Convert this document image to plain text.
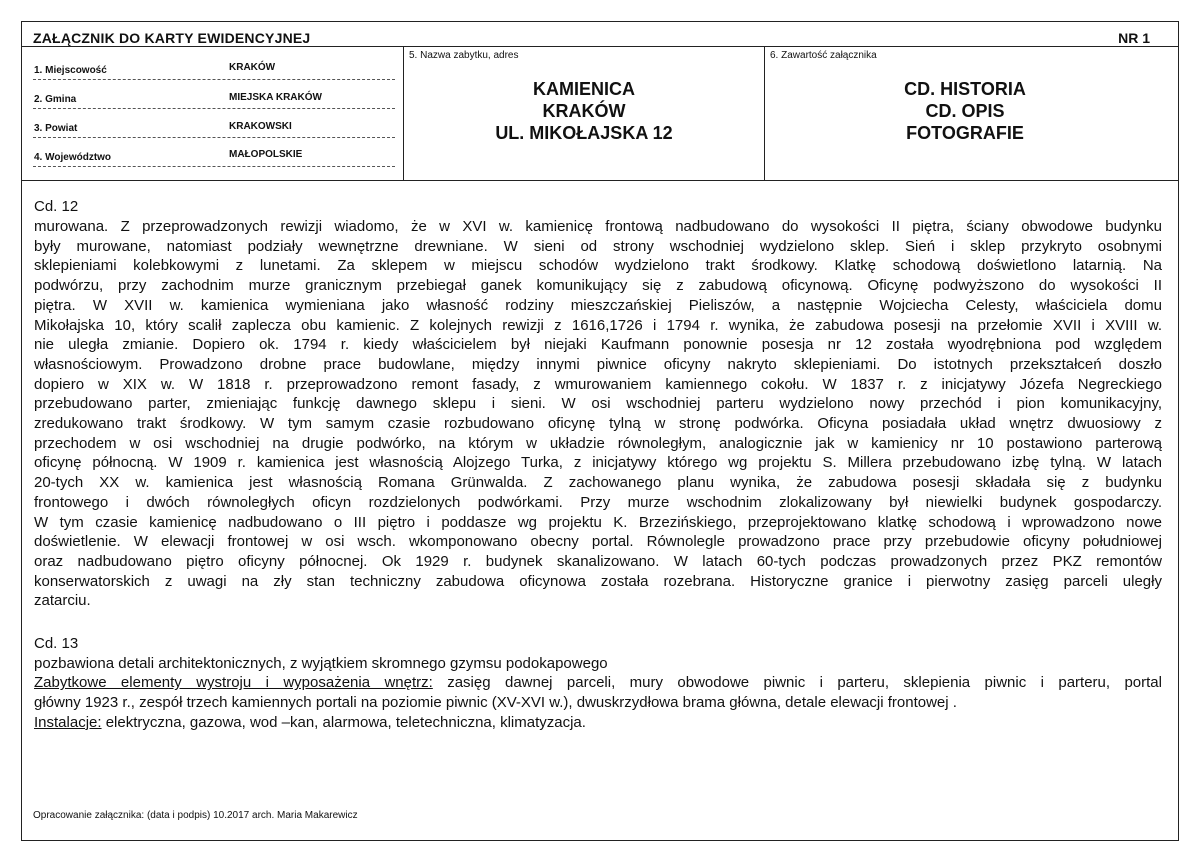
ZAŁĄCZNIK DO KARTY EWIDENCYJNEJ	NR 1
1. Miejscowość	KRAKÓW
2. Gmina	MIEJSKA KRAKÓW
3. Powiat	KRAKOWSKI
4. Województwo	MAŁOPOLSKIE
5. Nazwa zabytku, adres
KAMIENICA
KRAKÓW
UL. MIKOŁAJSKA 12
6. Zawartość załącznika
CD. HISTORIA
CD. OPIS
FOTOGRAFIE
Cd. 12
murowana. Z przeprowadzonych rewizji wiadomo, że w XVI w. kamienicę frontową nadbudowano do wysokości II piętra, ściany obwodowe budynku
były murowane, natomiast podziały wewnętrzne drewniane. W sieni od strony wschodniej wydzielono sklep. Sień i sklep przykryto osobnymi
sklepieniami kolebkowymi z lunetami. Za sklepem w miejscu schodów wydzielono trakt środkowy. Klatkę schodową doświetlono latarnią. Na
podwórzu, przy zachodnim murze granicznym przebiegał ganek komunikujący się z zabudową oficynową. Oficynę podwyższono do wysokości II
piętra. W XVII w. kamienica wymieniana jako własność rodziny mieszczańskiej Pieliszów, a następnie Wojciecha Celesty, właściciela domu
Mikołajska 10, który scalił zaplecza obu kamienic. Z kolejnych rewizji z 1616,1726 i 1794 r. wynika, że zabudowa posesji na przełomie XVII i XVIII w.
nie uległa zmianie. Dopiero ok. 1794 r. kiedy właścicielem był niejaki Kaufmann ponownie posesja nr 12 została wyodrębniona pod względem
własnościowym. Prowadzono drobne prace budowlane, między innymi piwnice oficyny nakryto sklepieniami. Do istotnych przekształceń doszło
dopiero w XIX w. W 1818 r. przeprowadzono remont fasady, z wmurowaniem kamiennego cokołu. W 1837 r. z inicjatywy Józefa Negreckiego
przebudowano parter, zmieniając funkcję dawnego sklepu i sieni. W osi wschodniej parteru wydzielono nowy przechód i pion komunikacyjny,
zredukowano trakt środkowy. W tym samym czasie rozbudowano oficynę tylną w stronę podwórka. Oficyna posiadała układ wnętrz dwuosiowy z
przechodem w osi wschodniej na drugie podwórko, na którym w układzie równoległym, analogicznie jak w kamienicy nr 10 postawiono parterową
oficynę północną. W 1909 r. kamienica jest własnością Alojzego Turka, z inicjatywy którego wg projektu S. Millera przebudowano izbę tylną. W latach
20-tych XX w. kamienica jest własnością Romana Grünwalda. Z zachowanego planu wynika, że zabudowa posesji składała się z budynku
frontowego i dwóch równoległych oficyn rozdzielonych podwórkami. Przy murze wschodnim zlokalizowany był niewielki budynek gospodarczy.
W tym czasie kamienicę nadbudowano o III piętro i poddasze wg projektu K. Brzezińskiego, przeprojektowano klatkę schodową i wprowadzono nowe
doświetlenie. W elewacji frontowej w osi wsch. wkomponowano obecny portal. Równolegle prowadzono prace przy przebudowie oficyny południowej
oraz nadbudowano piętro oficyny północnej. Ok 1929 r. budynek skanalizowano. W latach 60-tych podczas prowadzonych przez PKZ remontów
konserwatorskich z uwagi na zły stan techniczny zabudowa oficynowa została rozebrana. Historyczne granice i pierwotny zasięg parceli uległy
zatarciu.
Cd. 13
pozbawiona detali architektonicznych, z wyjątkiem skromnego gzymsu podokapowego
Zabytkowe elementy wystroju i wyposażenia wnętrz: zasięg dawnej parceli, mury obwodowe piwnic i parteru, sklepienia piwnic i parteru, portal
główny 1923 r., zespół trzech kamiennych portali na poziomie piwnic (XV-XVI w.), dwuskrzydłowa brama główna, detale elewacji frontowej .
Instalacje: elektryczna, gazowa, wod –kan, alarmowa, teletechniczna, klimatyzacja.
Opracowanie załącznika: (data i podpis) 10.2017 arch. Maria Makarewicz
